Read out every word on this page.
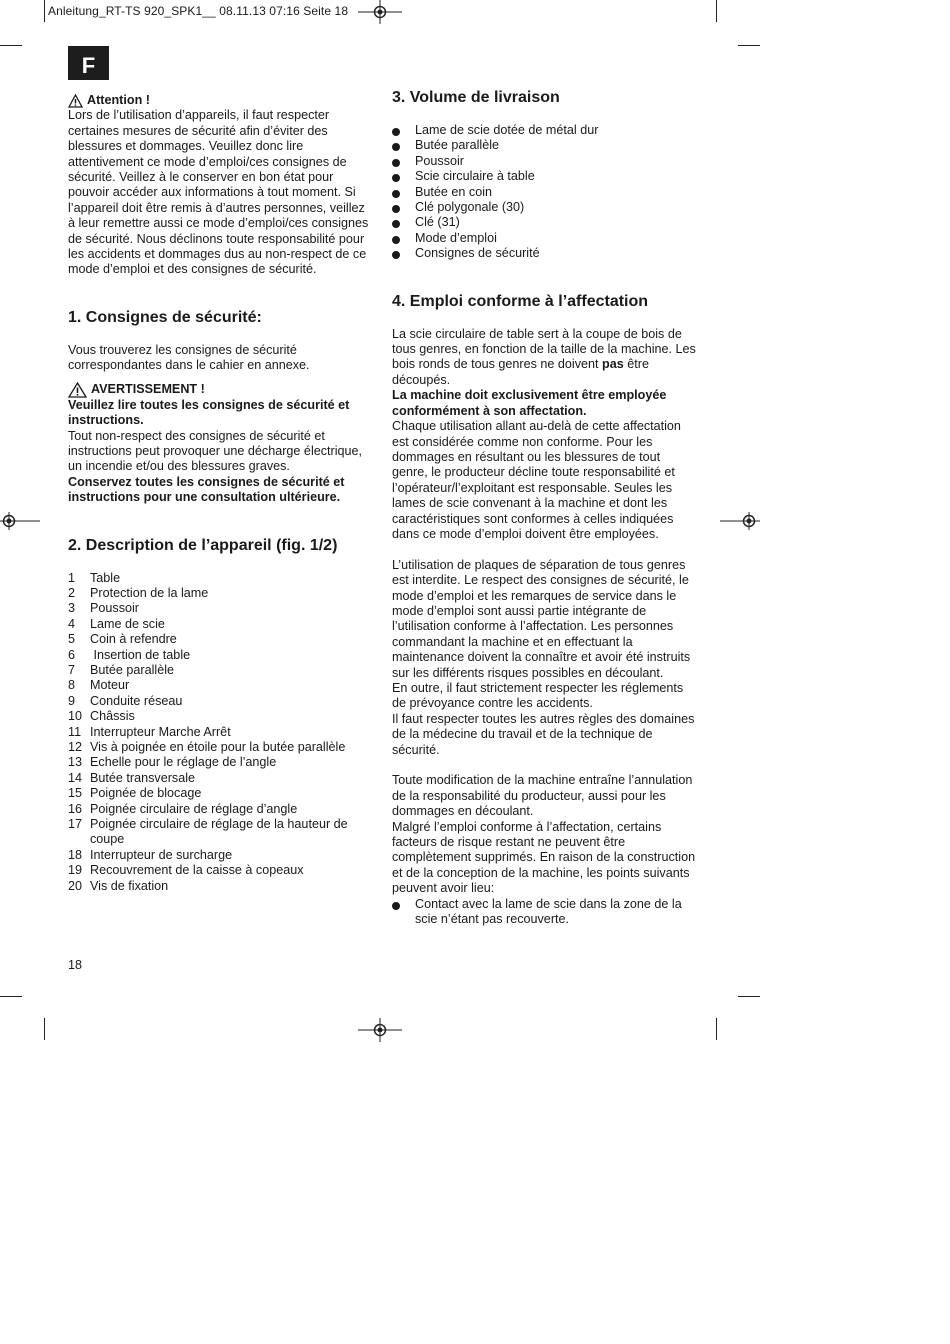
Anleitung_RT-TS 920_SPK1__ 08.11.13 07:16 Seite 18
F
Attention !

Lors de l’utilisation d’appareils, il faut respecter certaines mesures de sécurité afin d’éviter des blessures et dommages. Veuillez donc lire attentivement ce mode d’emploi/ces consignes de sécurité. Veillez à le conserver en bon état pour pouvoir accéder aux informations à tout moment. Si l’appareil doit être remis à d’autres personnes, veillez à leur remettre aussi ce mode d’emploi/ces consignes de sécurité. Nous déclinons toute responsabilité pour les accidents et dommages dus au non-respect de ce mode d’emploi et des consignes de sécurité.

1. Consignes de sécurité:

Vous trouverez les consignes de sécurité correspondantes dans le cahier en annexe.

AVERTISSEMENT !

Veuillez lire toutes les consignes de sécurité et instructions.

Tout non-respect des consignes de sécurité et instructions peut provoquer une décharge électrique, un incendie et/ou des blessures graves.

Conservez toutes les consignes de sécurité et instructions pour une consultation ultérieure.

2. Description de l’appareil (fig. 1/2)
1	Table
2	Protection de la lame
3	Poussoir
4	Lame de scie
5	Coin à refendre
6	Insertion de table
7	Butée parallèle
8	Moteur
9	Conduite réseau
10 Châssis
11 Interrupteur Marche Arrêt
12 Vis à poignée en étoile pour la butée parallèle
13 Echelle pour le réglage de l’angle
14 Butée transversale
15 Poignée de blocage
16 Poignée circulaire de réglage d’angle
17 Poignée circulaire de réglage de la hauteur de coupe
18 Interrupteur de surcharge
19 Recouvrement de la caisse à copeaux
20 Vis de fixation
3. Volume de livraison
Lame de scie dotée de métal dur
Butée parallèle
Poussoir
Scie circulaire à table
Butée en coin
Clé polygonale (30)
Clé (31)
Mode d’emploi
Consignes de sécurité
4. Emploi conforme à l’affectation

La scie circulaire de table sert à la coupe de bois de tous genres, en fonction de la taille de la machine. Les bois ronds de tous genres ne doivent pas être découpés.

La machine doit exclusivement être employée conformément à son affectation.

Chaque utilisation allant au-delà de cette affectation est considérée comme non conforme. Pour les dommages en résultant ou les blessures de tout genre, le producteur décline toute responsabilité et l’opérateur/l’exploitant est responsable. Seules les lames de scie convenant à la machine et dont les caractéristiques sont conformes à celles indiquées dans ce mode d’emploi doivent être employées.

L’utilisation de plaques de séparation de tous genres est interdite. Le respect des consignes de sécurité, le mode d’emploi et les remarques de service dans le mode d’emploi sont aussi partie intégrante de l’utilisation conforme à l’affectation. Les personnes commandant la machine et en effectuant la maintenance doivent la connaître et avoir été instruits sur les différents risques possibles en découlant.

En outre, il faut strictement respecter les réglements de prévoyance contre les accidents.

Il faut respecter toutes les autres règles des domaines de la médecine du travail et de la technique de sécurité.

Toute modification de la machine entraîne l’annulation de la responsabilité du producteur, aussi pour les dommages en découlant.

Malgré l’emploi conforme à l’affectation, certains facteurs de risque restant ne peuvent être complètement supprimés. En raison de la construction et de la conception de la machine, les points suivants peuvent avoir lieu:

Contact avec la lame de scie dans la zone de la scie n’étant pas recouverte.
18
